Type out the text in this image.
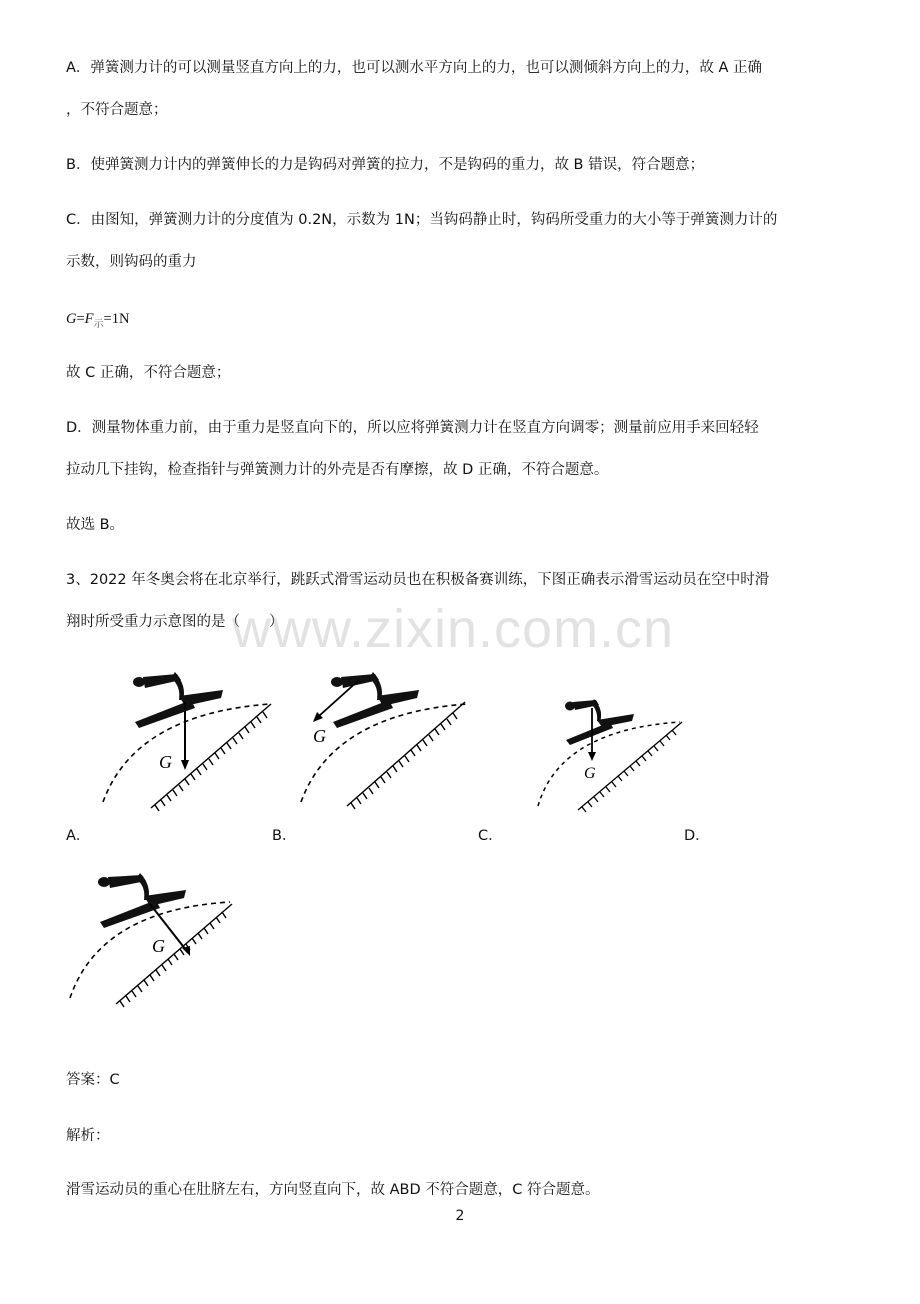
A．弹簧测力计的可以测量竖直方向上的力，也可以测水平方向上的力，也可以测倾斜方向上的力，故 A 正确
，不符合题意；
B．使弹簧测力计内的弹簧伸长的力是钩码对弹簧的拉力，不是钩码的重力，故 B 错误，符合题意；
C．由图知，弹簧测力计的分度值为 0.2N，示数为 1N；当钩码静止时，钩码所受重力的大小等于弹簧测力计的
示数，则钩码的重力
$G=F_示=1N$
故 C 正确，不符合题意；
D．测量物体重力前，由于重力是竖直向下的，所以应将弹簧测力计在竖直方向调零；测量前应用手来回轻轻
拉动几下挂钩，检查指针与弹簧测力计的外壳是否有摩擦，故 D 正确，不符合题意。
故选 B。
3、2022 年冬奥会将在北京举行，跳跃式滑雪运动员也在积极备赛训练，下图正确表示滑雪运动员在空中时滑
翔时所受重力示意图的是（　　）
www.zixin.com.cn
G
G
G
A．	B．	C．	D．
G
答案：C
解析：
滑雪运动员的重心在肚脐左右，方向竖直向下，故 ABD 不符合题意，C 符合题意。
2
